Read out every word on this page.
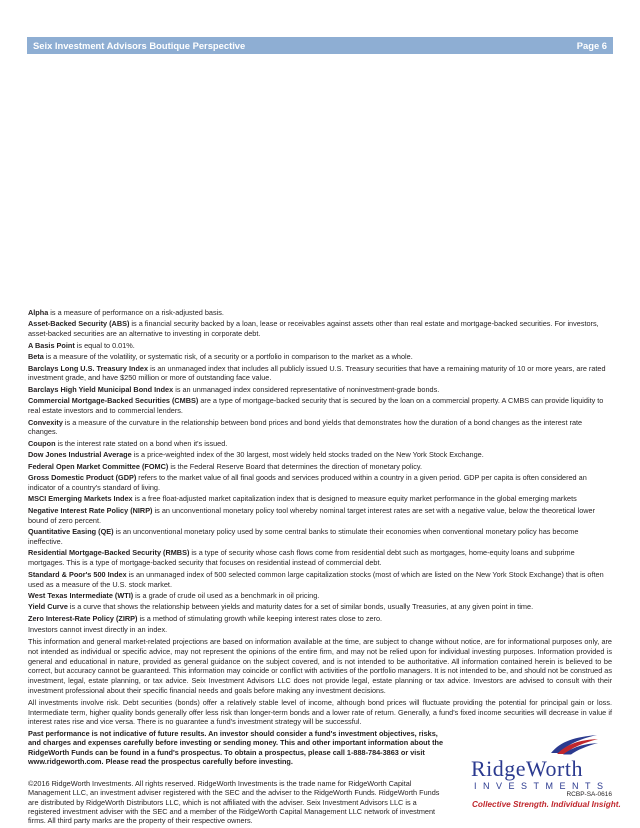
Seix Investment Advisors Boutique Perspective	Page 6

Alpha is a measure of performance on a risk-adjusted basis.

Asset-Backed Security (ABS) is a financial security backed by a loan, lease or receivables against assets other than real estate and mortgage-backed securities. For investors, asset-backed securities are an alternative to investing in corporate debt.

A Basis Point is equal to 0.01%.

Beta is a measure of the volatility, or systematic risk, of a security or a portfolio in comparison to the market as a whole.

Barclays Long U.S. Treasury Index is an unmanaged index that includes all publicly issued U.S. Treasury securities that have a remaining maturity of 10 or more years, are rated investment grade, and have $250 million or more of outstanding face value.

Barclays High Yield Municipal Bond Index is an unmanaged index considered representative of noninvestment-grade bonds.

Commercial Mortgage-Backed Securities (CMBS) are a type of mortgage-backed security that is secured by the loan on a commercial property. A CMBS can provide liquidity to real estate investors and to commercial lenders.

Convexity is a measure of the curvature in the relationship between bond prices and bond yields that demonstrates how the duration of a bond changes as the interest rate changes.

Coupon is the interest rate stated on a bond when it's issued.

Dow Jones Industrial Average is a price-weighted index of the 30 largest, most widely held stocks traded on the New York Stock Exchange.

Federal Open Market Committee (FOMC) is the Federal Reserve Board that determines the direction of monetary policy.

Gross Domestic Product (GDP) refers to the market value of all final goods and services produced within a country in a given period. GDP per capita is often considered an indicator of a country's standard of living.

MSCI Emerging Markets Index is a free float-adjusted market capitalization index that is designed to measure equity market performance in the global emerging markets

Negative Interest Rate Policy (NIRP) is an unconventional monetary policy tool whereby nominal target interest rates are set with a negative value, below the theoretical lower bound of zero percent.

Quantitative Easing (QE) is an unconventional monetary policy used by some central banks to stimulate their economies when conventional monetary policy has become ineffective.

Residential Mortgage-Backed Security (RMBS) is a type of security whose cash flows come from residential debt such as mortgages, home-equity loans and subprime mortgages. This is a type of mortgage-backed security that focuses on residential instead of commercial debt.

Standard & Poor's 500 Index is an unmanaged index of 500 selected common large capitalization stocks (most of which are listed on the New York Stock Exchange) that is often used as a measure of the U.S. stock market.

West Texas Intermediate (WTI) is a grade of crude oil used as a benchmark in oil pricing.

Yield Curve is a curve that shows the relationship between yields and maturity dates for a set of similar bonds, usually Treasuries, at any given point in time.

Zero Interest-Rate Policy (ZIRP) is a method of stimulating growth while keeping interest rates close to zero.

Investors cannot invest directly in an index.

This information and general market-related projections are based on information available at the time, are subject to change without notice, are for informational purposes only, are not intended as individual or specific advice, may not represent the opinions of the entire firm, and may not be relied upon for individual investing purposes. Information provided is general and educational in nature, provided as general guidance on the subject covered, and is not intended to be authoritative. All information contained herein is believed to be correct, but accuracy cannot be guaranteed. This information may coincide or conflict with activities of the portfolio managers. It is not intended to be, and should not be construed as investment, legal, estate planning, or tax advice. Seix Investment Advisors LLC does not provide legal, estate planning or tax advice. Investors are advised to consult with their investment professional about their specific financial needs and goals before making any investment decisions.

All investments involve risk. Debt securities (bonds) offer a relatively stable level of income, although bond prices will fluctuate providing the potential for principal gain or loss. Intermediate term, higher quality bonds generally offer less risk than longer-term bonds and a lower rate of return. Generally, a fund's fixed income securities will decrease in value if interest rates rise and vice versa. There is no guarantee a fund's investment strategy will be successful.

Past performance is not indicative of future results. An investor should consider a fund's investment objectives, risks, and charges and expenses carefully before investing or sending money. This and other important information about the RidgeWorth Funds can be found in a fund's prospectus. To obtain a prospectus, please call 1-888-784-3863 or visit www.ridgeworth.com. Please read the prospectus carefully before investing.

©2016 RidgeWorth Investments. All rights reserved. RidgeWorth Investments is the trade name for RidgeWorth Capital Management LLC, an investment adviser registered with the SEC and the adviser to the RidgeWorth Funds. RidgeWorth Funds are distributed by RidgeWorth Distributors LLC, which is not affiliated with the adviser. Seix Investment Advisors LLC is a registered investment adviser with the SEC and a member of the RidgeWorth Capital Management LLC network of investment firms. All third party marks are the property of their respective owners.

RidgeWorth
INVESTMENTS
Collective Strength. Individual Insight.
RCBP-SA-0616
